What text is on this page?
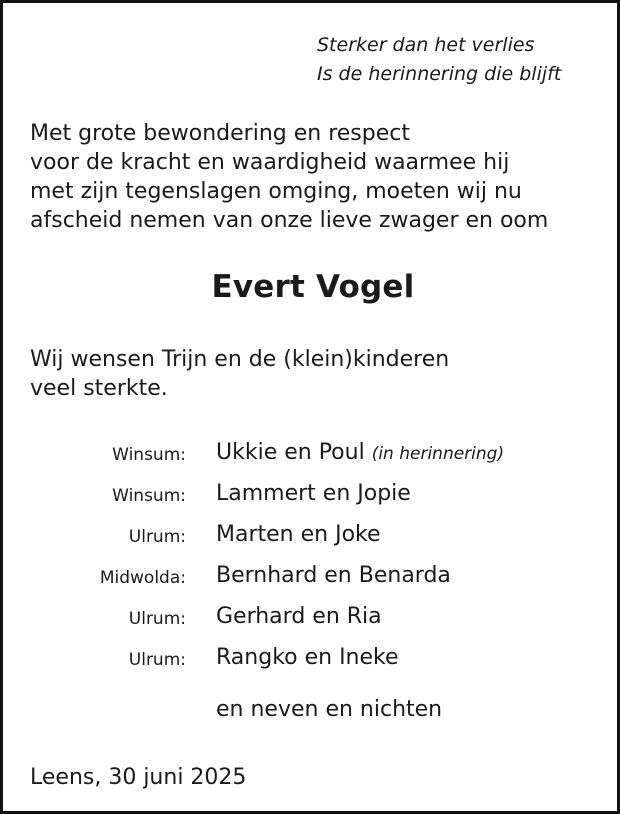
Sterker dan het verlies
Is de herinnering die blijft
Met grote bewondering en respect
voor de kracht en waardigheid waarmee hij
met zijn tegenslagen omging, moeten wij nu
afscheid nemen van onze lieve zwager en oom
Evert Vogel
Wij wensen Trijn en de (klein)kinderen
veel sterkte.
Winsum: Ukkie en Poul (in herinnering)
Winsum: Lammert en Jopie
Ulrum: Marten en Joke
Midwolda: Bernhard en Benarda
Ulrum: Gerhard en Ria
Ulrum: Rangko en Ineke
en neven en nichten
Leens, 30 juni 2025
